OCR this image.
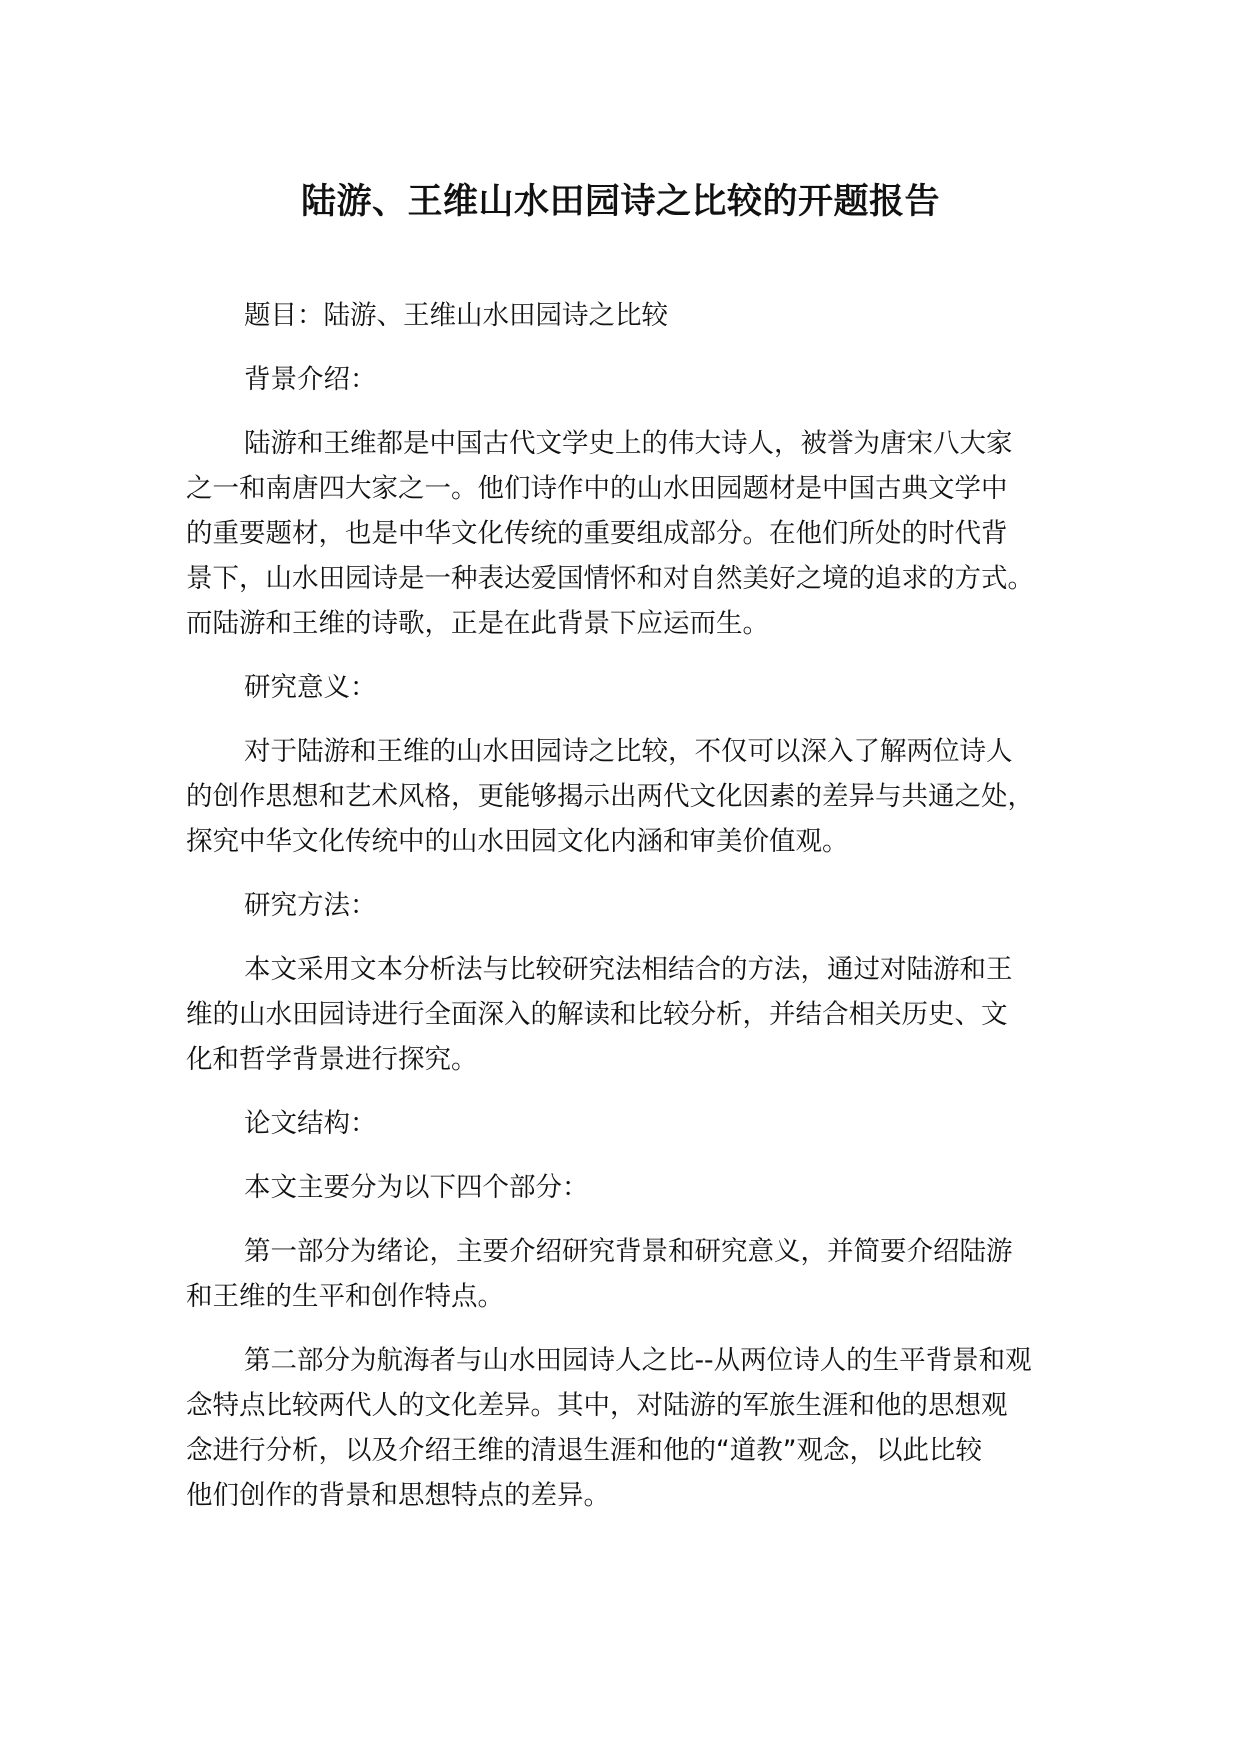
陆游、王维山水田园诗之比较的开题报告
题目：陆游、王维山水田园诗之比较
背景介绍：
陆游和王维都是中国古代文学史上的伟大诗人，被誉为唐宋八大家
之一和南唐四大家之一。他们诗作中的山水田园题材是中国古典文学中
的重要题材，也是中华文化传统的重要组成部分。在他们所处的时代背
景下，山水田园诗是一种表达爱国情怀和对自然美好之境的追求的方式。
而陆游和王维的诗歌，正是在此背景下应运而生。
研究意义：
对于陆游和王维的山水田园诗之比较，不仅可以深入了解两位诗人
的创作思想和艺术风格，更能够揭示出两代文化因素的差异与共通之处，
探究中华文化传统中的山水田园文化内涵和审美价值观。
研究方法：
本文采用文本分析法与比较研究法相结合的方法，通过对陆游和王
维的山水田园诗进行全面深入的解读和比较分析，并结合相关历史、文
化和哲学背景进行探究。
论文结构：
本文主要分为以下四个部分：
第一部分为绪论，主要介绍研究背景和研究意义，并简要介绍陆游
和王维的生平和创作特点。
第二部分为航海者与山水田园诗人之比--从两位诗人的生平背景和观
念特点比较两代人的文化差异。其中，对陆游的军旅生涯和他的思想观
念进行分析，以及介绍王维的清退生涯和他的“道教”观念，以此比较
他们创作的背景和思想特点的差异。
